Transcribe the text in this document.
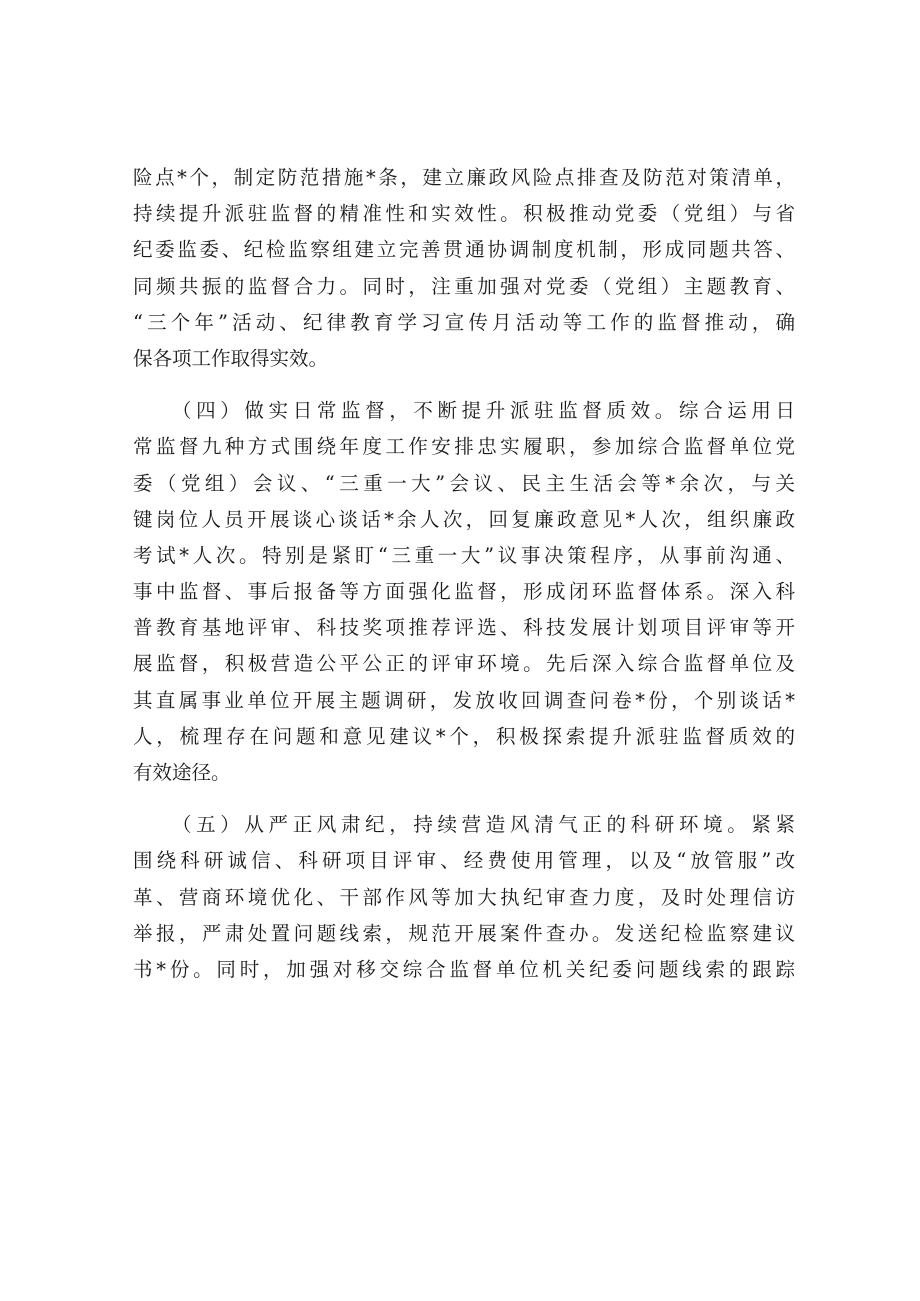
险点*个，制定防范措施*条，建立廉政风险点排查及防范对策清单，
持续提升派驻监督的精准性和实效性。积极推动党委（党组）与省
纪委监委、纪检监察组建立完善贯通协调制度机制，形成同题共答、
同频共振的监督合力。同时，注重加强对党委（党组）主题教育、
“三个年”活动、纪律教育学习宣传月活动等工作的监督推动，确
保各项工作取得实效。

（四）做实日常监督，不断提升派驻监督质效。综合运用日
常监督九种方式围绕年度工作安排忠实履职，参加综合监督单位党
委（党组）会议、“三重一大”会议、民主生活会等*余次，与关
键岗位人员开展谈心谈话*余人次，回复廉政意见*人次，组织廉政
考试*人次。特别是紧盯“三重一大”议事决策程序，从事前沟通、
事中监督、事后报备等方面强化监督，形成闭环监督体系。深入科
普教育基地评审、科技奖项推荐评选、科技发展计划项目评审等开
展监督，积极营造公平公正的评审环境。先后深入综合监督单位及
其直属事业单位开展主题调研，发放收回调查问卷*份，个别谈话*
人，梳理存在问题和意见建议*个，积极探索提升派驻监督质效的
有效途径。

（五）从严正风肃纪，持续营造风清气正的科研环境。紧紧
围绕科研诚信、科研项目评审、经费使用管理，以及“放管服”改
革、营商环境优化、干部作风等加大执纪审查力度，及时处理信访
举报，严肃处置问题线索，规范开展案件查办。发送纪检监察建议
书*份。同时，加强对移交综合监督单位机关纪委问题线索的跟踪
